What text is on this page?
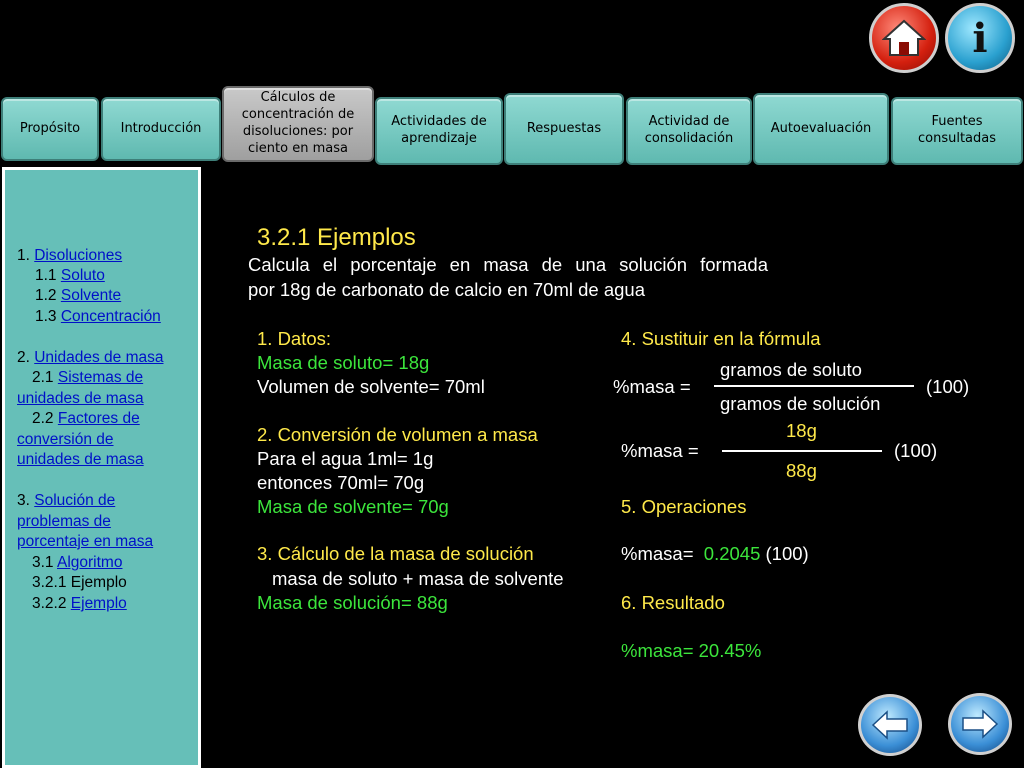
i
Propósito	Introducción
Cálculos de concentración de disoluciones: por ciento en masa
Actividades de aprendizaje
Respuestas	Actividad de consolidación
Autoevaluación	Fuentes consultadas
1. Disoluciones
1.1 Soluto
1.2 Solvente
1.3 Concentración
2. Unidades de masa
2.1 Sistemas de
unidades de masa
2.2 Factores de
conversión de
unidades de masa
3. Solución de
problemas de
porcentaje en masa
3.1 Algoritmo
3.2.1 Ejemplo
3.2.2 Ejemplo
3.2.1 Ejemplos
Calcula el porcentaje en masa de una solución formada
por 18g de carbonato de calcio en 70ml de agua
1. Datos:
Masa de soluto= 18g
Volumen de solvente= 70ml
2. Conversión de volumen a masa
Para el agua 1ml= 1g
entonces 70ml= 70g
Masa de solvente= 70g
3. Cálculo de la masa de solución
masa de soluto + masa de solvente
Masa de solución= 88g
4. Sustituir en la fórmula
gramos de soluto
%masa =	(100)
gramos de solución
18g
%masa =	(100)
88g
5. Operaciones
%masa= 0.2045 (100)
6. Resultado
%masa= 20.45%
